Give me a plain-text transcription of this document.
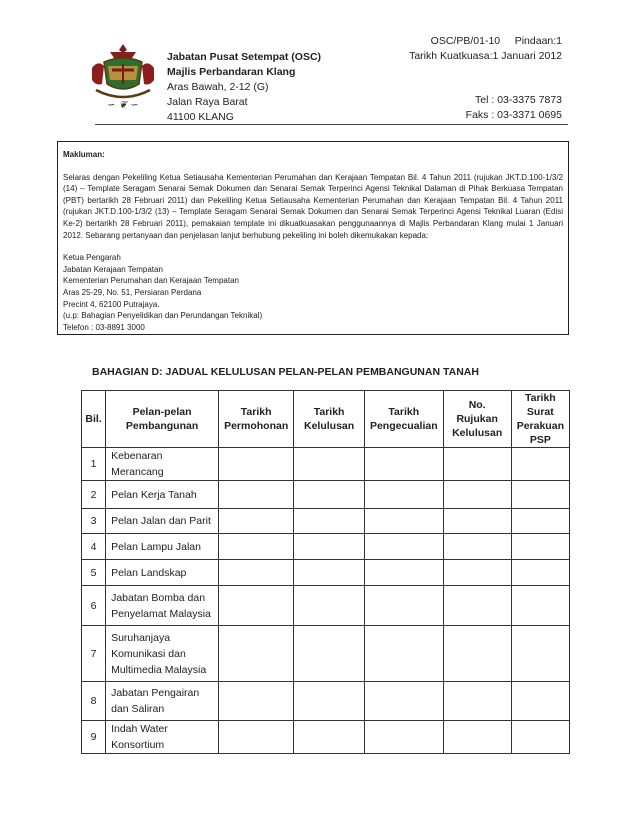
∽ ❦ ∽
Jabatan Pusat Setempat (OSC)
Majlis Perbandaran Klang
Aras Bawah, 2-12 (G)
Jalan Raya Barat
41100 KLANG
OSC/PB/01-10     Pindaan:1
Tarikh Kuatkuasa:1 Januari 2012
Tel : 03-3375 7873
Faks : 03-3371 0695

Makluman:

Selaras dengan Pekeliling Ketua Setiausaha Kementerian Perumahan dan Kerajaan Tempatan Bil. 4 Tahun 2011 (rujukan JKT.D.100-1/3/2 (14) – Template Seragam Senarai Semak Dokumen dan Senarai Semak Terperinci Agensi Teknikal Dalaman di Pihak Berkuasa Tempatan (PBT) bertarikh 28 Februari 2011) dan Pekeliling Ketua Setiausaha Kementerian Perumahan dan Kerajaan Tempatan Bil. 4 Tahun 2011 (rujukan JKT.D.100-1/3/2 (13) – Template Seragam Senarai Semak Dokumen dan Senarai Semak Terperinci Agensi Teknikal Luaran (Edisi Ke-2) bertarikh 28 Februari 2011), pemakaian template ini dikuatkuasakan penggunaannya di Majlis Perbandaran Klang mulai 1 Januari 2012. Sebarang pertanyaan dan penjelasan lanjut berhubung pekeliling ini boleh dikemukakan kepada:

Ketua Pengarah

Jabatan Kerajaan Tempatan

Kementerian Perumahan dan Kerajaan Tempatan

Aras 25-29, No. 51, Persiaran Perdana

Precint 4, 62100 Putrajaya.

(u.p: Bahagian Penyelidikan dan Perundangan Teknikal)

Telefon : 03-8891 3000

BAHAGIAN D: JADUAL KELULUSAN PELAN-PELAN PEMBANGUNAN TANAH
Bil.	Pelan-pelan Pembangunan	Tarikh Permohonan	Tarikh Kelulusan	Tarikh Pengecualian	No. Rujukan Kelulusan	Tarikh Surat Perakuan PSP
1	Kebenaran Merancang					
2	Pelan Kerja Tanah					
3	Pelan Jalan dan Parit					
4	Pelan Lampu Jalan					
5	Pelan Landskap					
6	Jabatan Bomba dan Penyelamat Malaysia					
7	Suruhanjaya Komunikasi dan Multimedia Malaysia					
8	Jabatan Pengairan dan Saliran					
9	Indah Water Konsortium					
